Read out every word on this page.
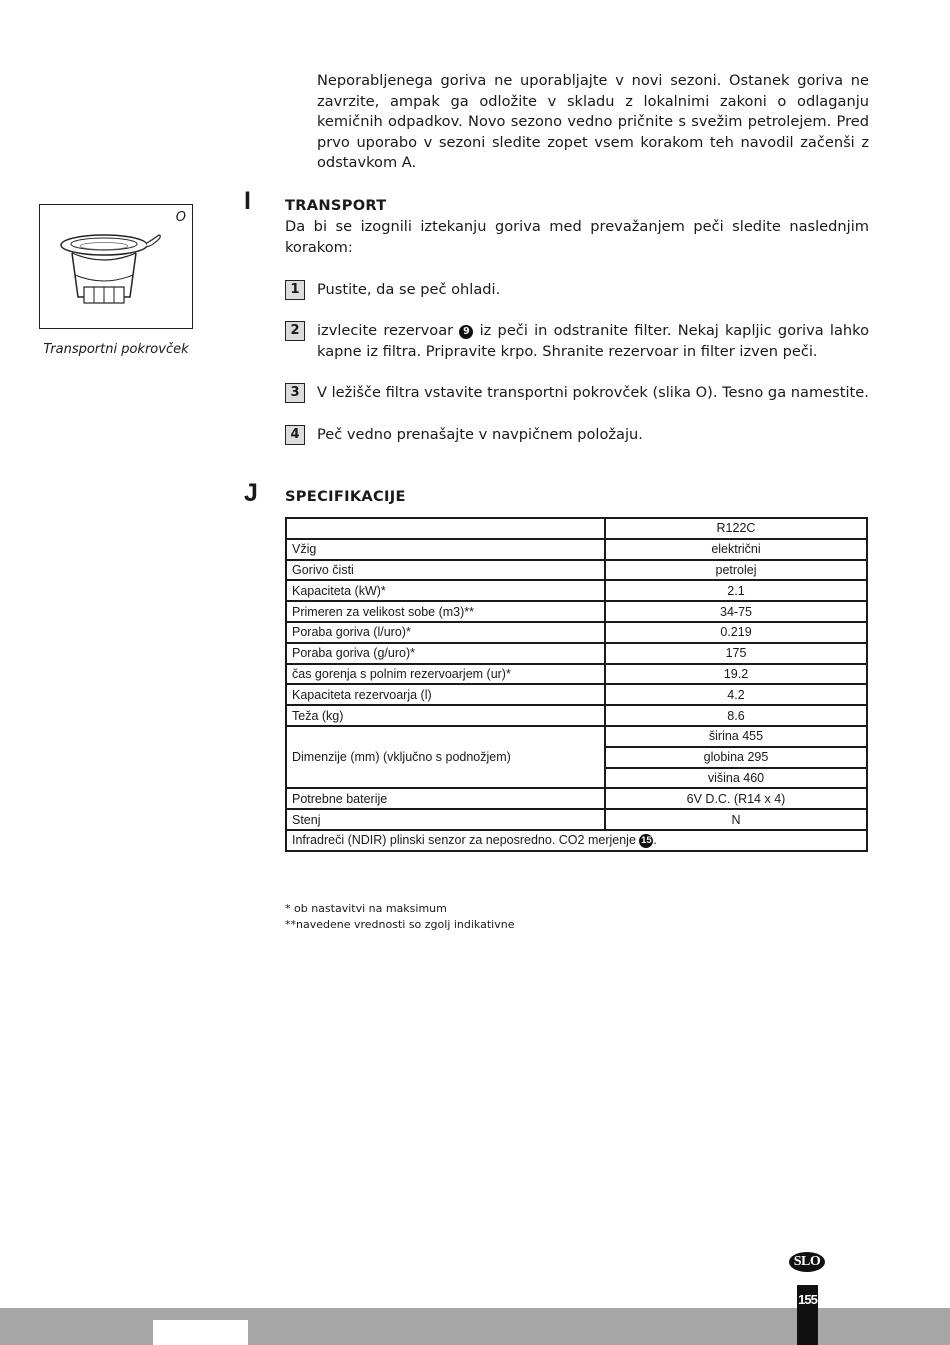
Neporabljenega goriva ne uporabljajte v novi sezoni. Ostanek goriva ne zavrzite, ampak ga odložite v skladu z lokalnimi zakoni o odlaganju kemičnih odpadkov. Novo sezono vedno pričnite s svežim petrolejem. Pred prvo uporabo v sezoni sledite zopet vsem korakom teh navodil začenši z odstavkom A.

O
Transportni pokrovček
I TRANSPORT

Da bi se izognili iztekanju goriva med prevažanjem peči sledite naslednjim korakom:

1	Pustite, da se peč ohladi.

2	izvlecite rezervoar 9 iz peči in odstranite filter. Nekaj kapljic goriva lahko kapne iz filtra. Pripravite krpo. Shranite rezervoar in filter izven peči.

3	V ležišče filtra vstavite transportni pokrovček (slika O). Tesno ga namestite.

4	Peč vedno prenašajte v navpičnem položaju.

J SPECIFIKACIJE
	R122C
Vžig	električni
Gorivo čisti	petrolej
Kapaciteta (kW)*	2.1
Primeren za velikost sobe (m3)**	34-75
Poraba goriva (l/uro)*	0.219
Poraba goriva (g/uro)*	175
čas gorenja s polnim rezervoarjem (ur)*	19.2
Kapaciteta rezervoarja (l)	4.2
Teža (kg)	8.6
Dimenzije (mm) (vključno s podnožjem)	širina 455
	globina 295
	višina 460
Potrebne baterije	6V D.C. (R14 x 4)
Stenj	N
Infradreči (NDIR) plinski senzor za neposredno. CO2 merjenje 15 .	
* ob nastavitvi na maksimum
**navedene vrednosti so zgolj indikativne
SLO
155
